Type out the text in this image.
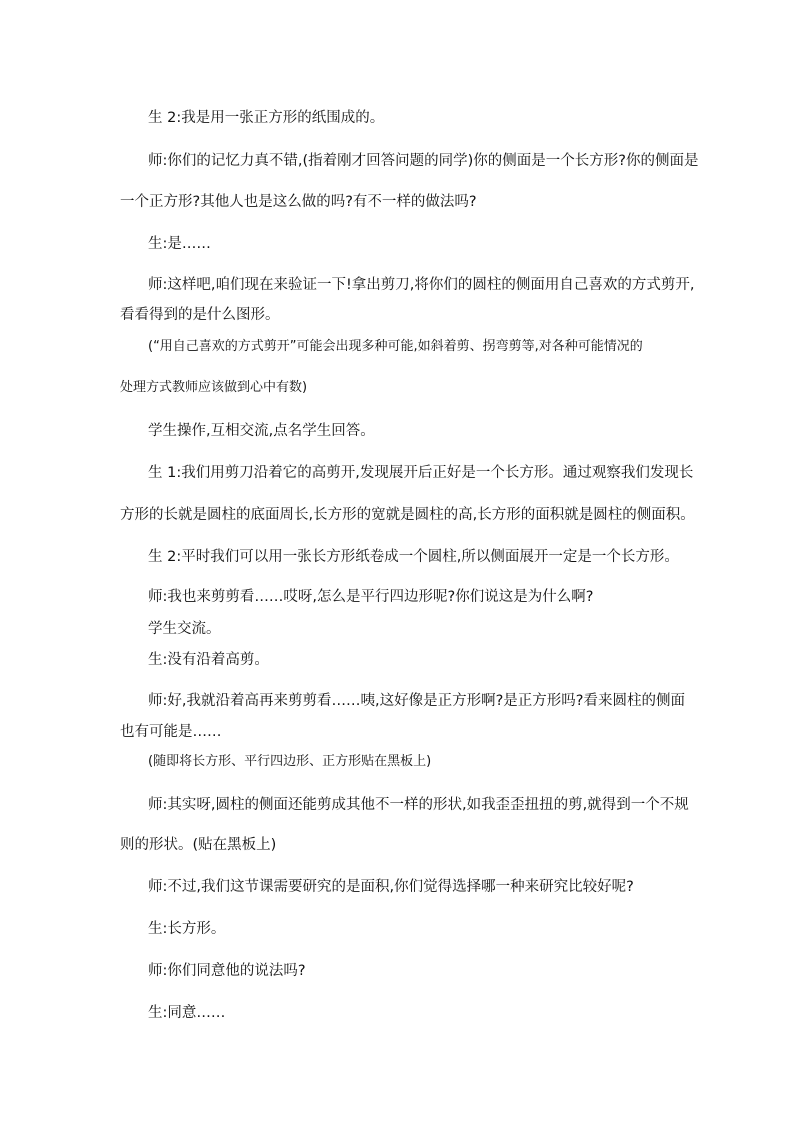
生 2:我是用一张正方形的纸围成的。

师:你们的记忆力真不错,(指着刚才回答问题的同学)你的侧面是一个长方形?你的侧面是

一个正方形?其他人也是这么做的吗?有不一样的做法吗?

生:是……

师:这样吧,咱们现在来验证一下!拿出剪刀,将你们的圆柱的侧面用自己喜欢的方式剪开,

看看得到的是什么图形。

(“用自己喜欢的方式剪开”可能会出现多种可能,如斜着剪、拐弯剪等,对各种可能情况的

处理方式教师应该做到心中有数)

学生操作,互相交流,点名学生回答。

生 1:我们用剪刀沿着它的高剪开,发现展开后正好是一个长方形。通过观察我们发现长

方形的长就是圆柱的底面周长,长方形的宽就是圆柱的高,长方形的面积就是圆柱的侧面积。

生 2:平时我们可以用一张长方形纸卷成一个圆柱,所以侧面展开一定是一个长方形。

师:我也来剪剪看……哎呀,怎么是平行四边形呢?你们说这是为什么啊?

学生交流。

生:没有沿着高剪。

师:好,我就沿着高再来剪剪看……咦,这好像是正方形啊?是正方形吗?看来圆柱的侧面

也有可能是……

(随即将长方形、平行四边形、正方形贴在黑板上)

师:其实呀,圆柱的侧面还能剪成其他不一样的形状,如我歪歪扭扭的剪,就得到一个不规

则的形状。(贴在黑板上)

师:不过,我们这节课需要研究的是面积,你们觉得选择哪一种来研究比较好呢?

生:长方形。

师:你们同意他的说法吗?

生:同意……
